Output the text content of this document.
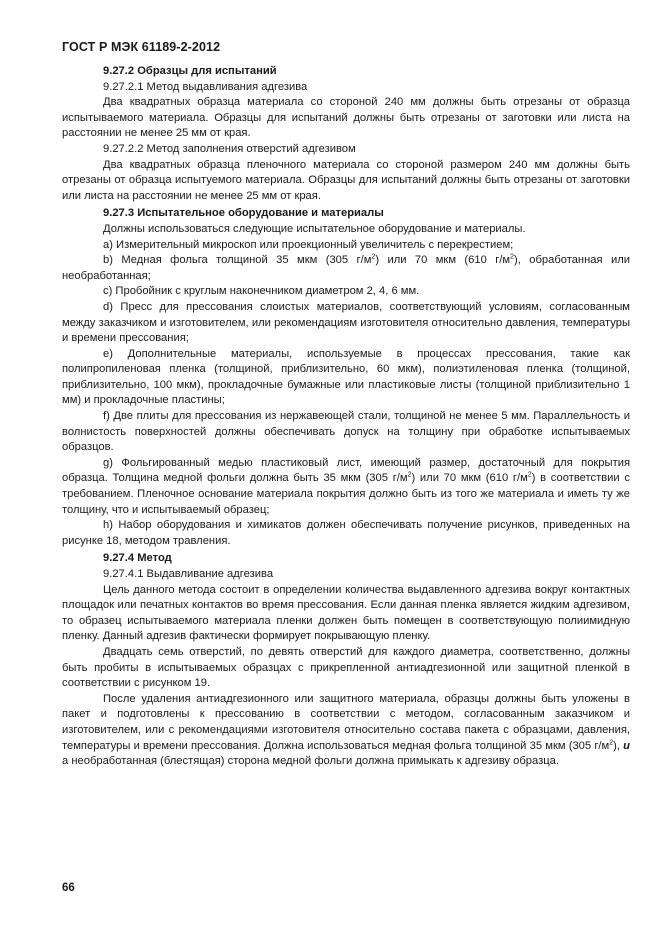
ГОСТ Р МЭК 61189-2-2012

9.27.2 Образцы для испытаний

9.27.2.1 Метод выдавливания адгезива

Два квадратных образца материала со стороной 240 мм должны быть отрезаны от образца испытываемого материала. Образцы для испытаний должны быть отрезаны от заготовки или листа на расстоянии не менее 25 мм от края.

9.27.2.2 Метод заполнения отверстий адгезивом

Два квадратных образца пленочного материала со стороной размером 240 мм должны быть отрезаны от образца испытуемого материала. Образцы для испытаний должны быть отрезаны от заготовки или листа на расстоянии не менее 25 мм от края.

9.27.3 Испытательное оборудование и материалы

Должны использоваться следующие испытательное оборудование и материалы.

a) Измерительный микроскоп или проекционный увеличитель с перекрестием;

b) Медная фольга толщиной 35 мкм (305 $г/м^2$) или 70 мкм (610 $г/м^2$), обработанная или необработанная;

c) Пробойник с круглым наконечником диаметром 2, 4, 6 мм.

d) Пресс для прессования слоистых материалов, соответствующий условиям, согласованным между заказчиком и изготовителем, или рекомендациям изготовителя относительно давления, температуры и времени прессования;

e) Дополнительные материалы, используемые в процессах прессования, такие как полипропиленовая пленка (толщиной, приблизительно, 60 мкм), полиэтиленовая пленка (толщиной, приблизительно, 100 мкм), прокладочные бумажные или пластиковые листы (толщиной приблизительно 1 мм) и прокладочные пластины;

f) Две плиты для прессования из нержавеющей стали, толщиной не менее 5 мм. Параллельность и волнистость поверхностей должны обеспечивать допуск на толщину при обработке испытываемых образцов.

g) Фольгированный медью пластиковый лист, имеющий размер, достаточный для покрытия образца. Толщина медной фольги должна быть 35 мкм (305 $г/м^2$) или 70 мкм (610 $г/м^2$) в соответствии с требованием. Пленочное основание материала покрытия должно быть из того же материала и иметь ту же толщину, что и испытываемый образец;

h) Набор оборудования и химикатов должен обеспечивать получение рисунков, приведенных на рисунке 18, методом травления.

9.27.4 Метод

9.27.4.1 Выдавливание адгезива

Цель данного метода состоит в определении количества выдавленного адгезива вокруг контактных площадок или печатных контактов во время прессования. Если данная пленка является жидким адгезивом, то образец испытываемого материала пленки должен быть помещен в соответствующую полиимидную пленку. Данный адгезив фактически формирует покрывающую пленку.

Двадцать семь отверстий, по девять отверстий для каждого диаметра, соответственно, должны быть пробиты в испытываемых образцах с прикрепленной антиадгезионной или защитной пленкой в соответствии с рисунком 19.

После удаления антиадгезионного или защитного материала, образцы должны быть уложены в пакет и подготовлены к прессованию в соответствии с методом, согласованным заказчиком и изготовителем, или с рекомендациями изготовителя относительно состава пакета с образцами, давления, температуры и времени прессования. Должна использоваться медная фольга толщиной 35 мкм (305 $г/м^2$), и а необработанная (блестящая) сторона медной фольги должна примыкать к адгезиву образца.

66
